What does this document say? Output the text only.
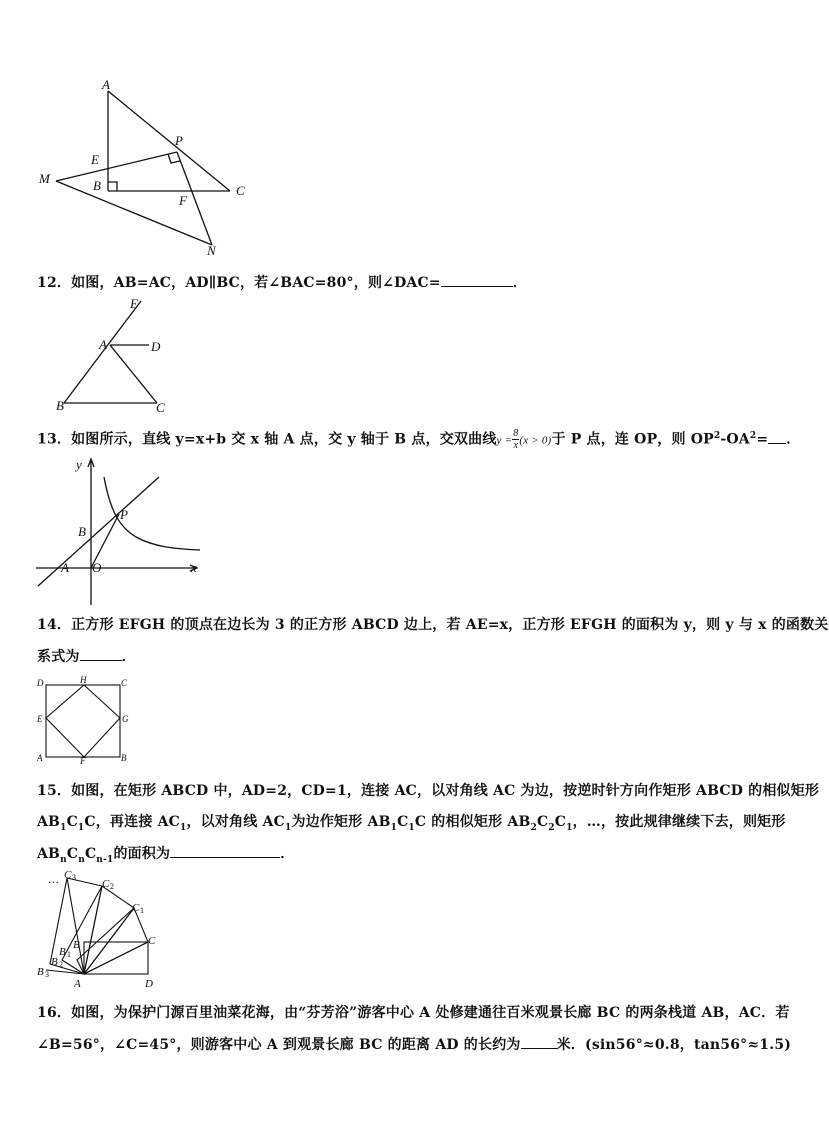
A
P
E
M	B	C
F
N
12．如图，AB=AC，AD∥BC，若∠BAC=80°，则∠DAC=	．
E
A	D
B	C
13．如图所示，直线 y=x+b 交 x 轴 A 点，交 y 轴于 B 点，交双曲线$y = \frac{8}{x} (x > 0)$于 P 点，连 OP，则 $OP^2-OA^2=$ ．
y
P
B
A O	x
14．正方形 EFGH 的顶点在边长为 3 的正方形 ABCD 边上，若 AE=x，正方形 EFGH 的面积为 y，则 y 与 x 的函数关
系式为	．
D	H	C
E	G
A	F	B
15．如图，在矩形 ABCD 中，AD=2，CD=1，连接 AC，以对角线 AC 为边，按逆时针方向作矩形 ABCD 的相似矩形
$AB_1C_1C$，再连接 $AC_1$，以对角线 $AC_1$为边作矩形 $AB_1C_1C$ 的相似矩形 $AB_2C_2C_1$，…，按此规律继续下去，则矩形
$AB_nC_nC_{n-1}$的面积为	．
… C 3
C 2
C 1
C
B
B 1
B 2
B 3
A	D
16．如图，为保护门源百里油菜花海，由“芬芳浴”游客中心 A 处修建通往百米观景长廊 BC 的两条栈道 AB，AC．若
∠B=56°，∠C=45°，则游客中心 A 到观景长廊 BC 的距离 AD 的长约为	米．(sin56°≈0.8，tan56°≈1.5)
